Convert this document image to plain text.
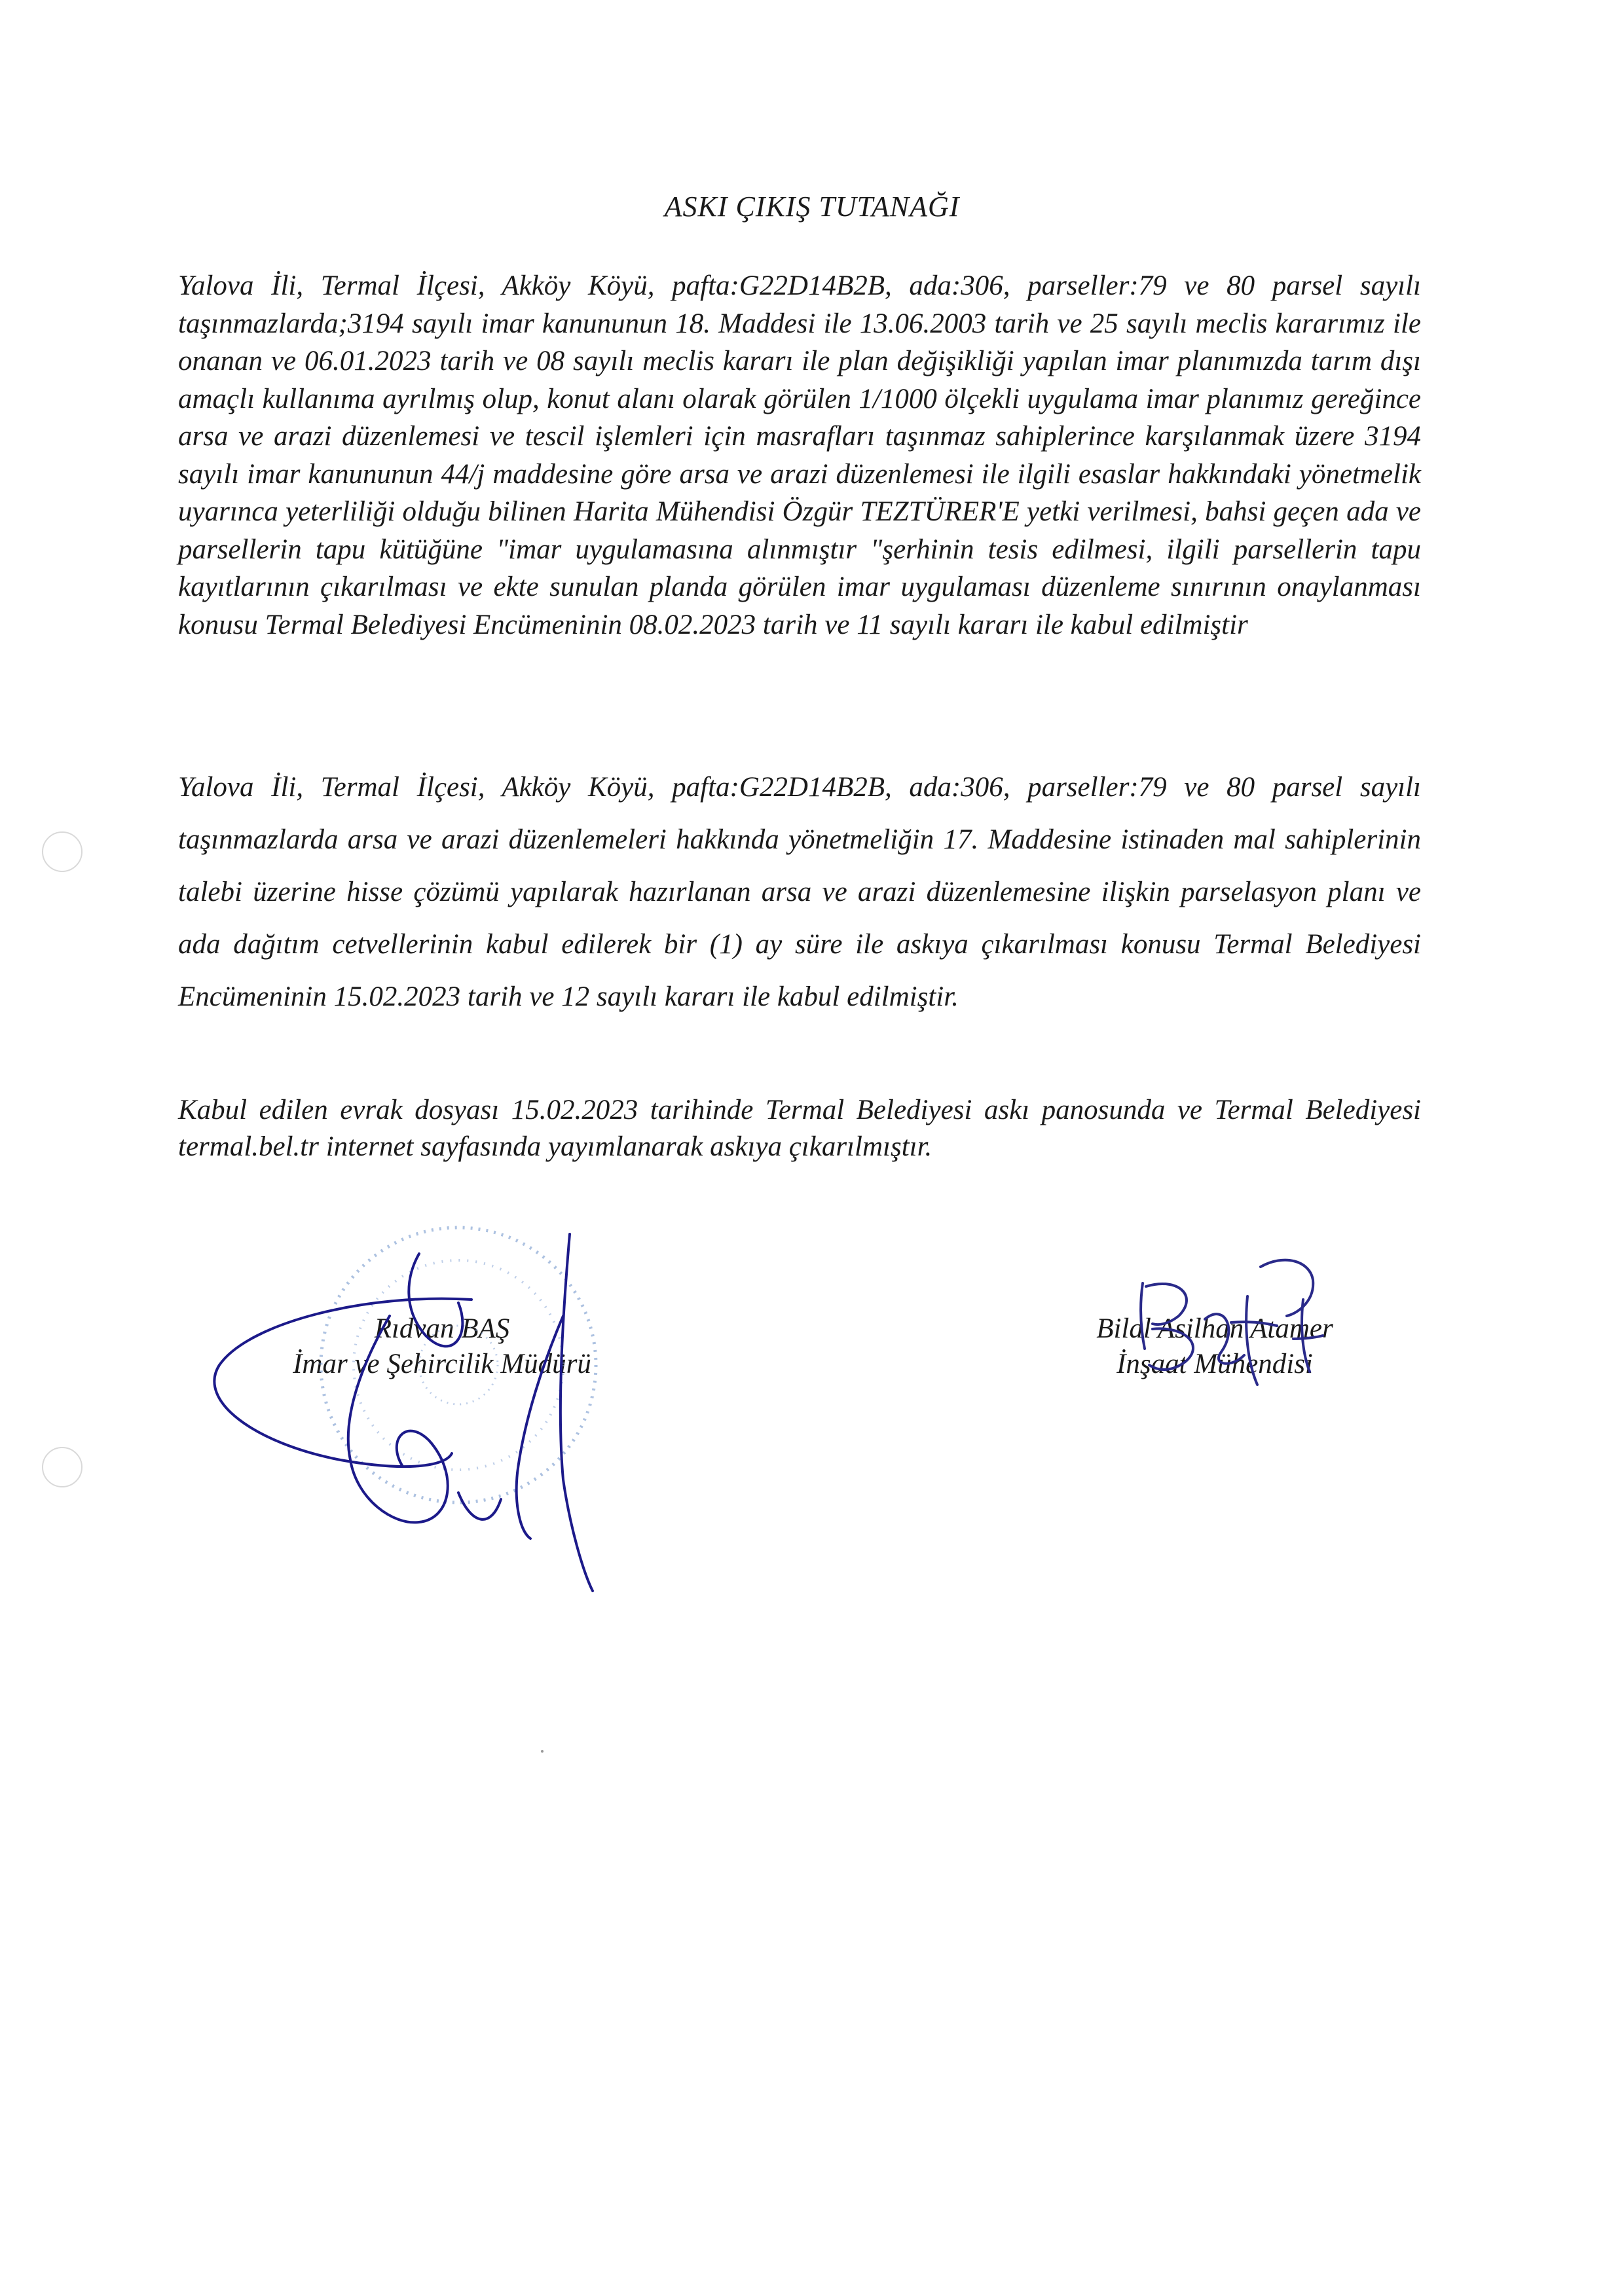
ASKI ÇIKIŞ TUTANAĞI

Yalova İli, Termal İlçesi, Akköy Köyü, pafta:G22D14B2B, ada:306, parseller:79 ve 80 parsel sayılı taşınmazlarda;3194 sayılı imar kanununun 18. Maddesi ile 13.06.2003 tarih ve 25 sayılı meclis kararımız ile onanan ve 06.01.2023 tarih ve 08 sayılı meclis kararı ile plan değişikliği yapılan imar planımızda tarım dışı amaçlı kullanıma ayrılmış olup, konut alanı olarak görülen 1/1000 ölçekli uygulama imar planımız gereğince arsa ve arazi düzenlemesi ve tescil işlemleri için masrafları taşınmaz sahiplerince karşılanmak üzere 3194 sayılı imar kanununun 44/j maddesine göre arsa ve arazi düzenlemesi ile ilgili esaslar hakkındaki yönetmelik uyarınca yeterliliği olduğu bilinen Harita Mühendisi Özgür TEZTÜRER'E yetki verilmesi, bahsi geçen ada ve parsellerin tapu kütüğüne "imar uygulamasına alınmıştır "şerhinin tesis edilmesi, ilgili parsellerin tapu kayıtlarının çıkarılması ve ekte sunulan planda görülen imar uygulaması düzenleme sınırının onaylanması konusu Termal Belediyesi Encümeninin 08.02.2023 tarih ve 11 sayılı kararı ile kabul edilmiştir

Yalova İli, Termal İlçesi, Akköy Köyü, pafta:G22D14B2B, ada:306, parseller:79 ve 80 parsel sayılı taşınmazlarda arsa ve arazi düzenlemeleri hakkında yönetmeliğin 17. Maddesine istinaden mal sahiplerinin talebi üzerine hisse çözümü yapılarak hazırlanan arsa ve arazi düzenlemesine ilişkin parselasyon planı ve ada dağıtım cetvellerinin kabul edilerek bir (1) ay süre ile askıya çıkarılması konusu Termal Belediyesi Encümeninin 15.02.2023 tarih ve 12 sayılı kararı ile kabul edilmiştir.

Kabul edilen evrak dosyası 15.02.2023 tarihinde Termal Belediyesi askı panosunda ve Termal Belediyesi termal.bel.tr internet sayfasında yayımlanarak askıya çıkarılmıştır.

Rıdvan BAŞ
İmar ve Şehircilik Müdürü
Bilal Asilhan Atamer
İnşaat Mühendisi
